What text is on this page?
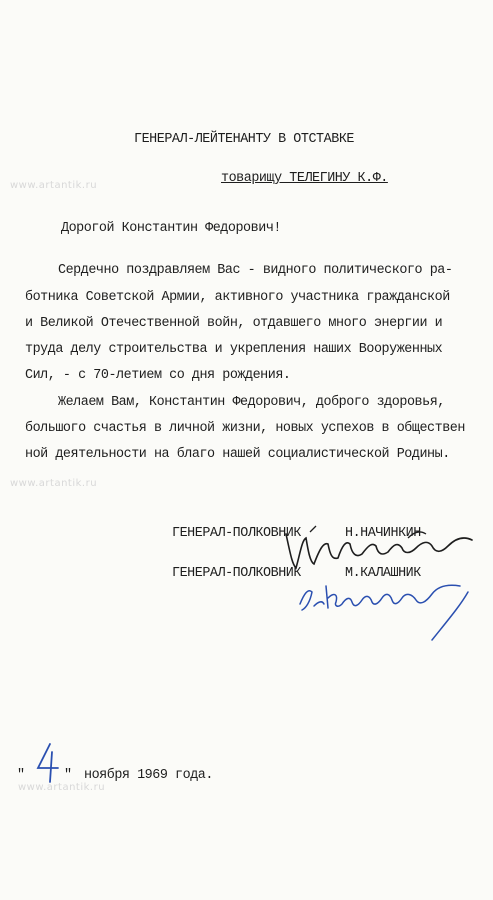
www.artantik.ru
www.artantik.ru
www.artantik.ru
ГЕНЕРАЛ-ЛЕЙТЕНАНТУ В ОТСТАВКЕ
товарищу ТЕЛЕГИНУ К.Ф.
Дорогой Константин Федорович!
Сердечно поздравляем Вас - видного политического ра-
ботника Советской Армии, активного участника гражданской
и Великой Отечественной войн, отдавшего много энергии и
труда делу строительства и укрепления наших Вооруженных
Сил, - с 70-летием со дня рождения.
Желаем Вам, Константин Федорович, доброго здоровья,
большого счастья в личной жизни, новых успехов в обществен
ной деятельности на благо нашей социалистической Родины.
ГЕНЕРАЛ-ПОЛКОВНИК	Н.НАЧИНКИН
ГЕНЕРАЛ-ПОЛКОВНИК	М.КАЛАШНИК
"	" ноября 1969 года.
